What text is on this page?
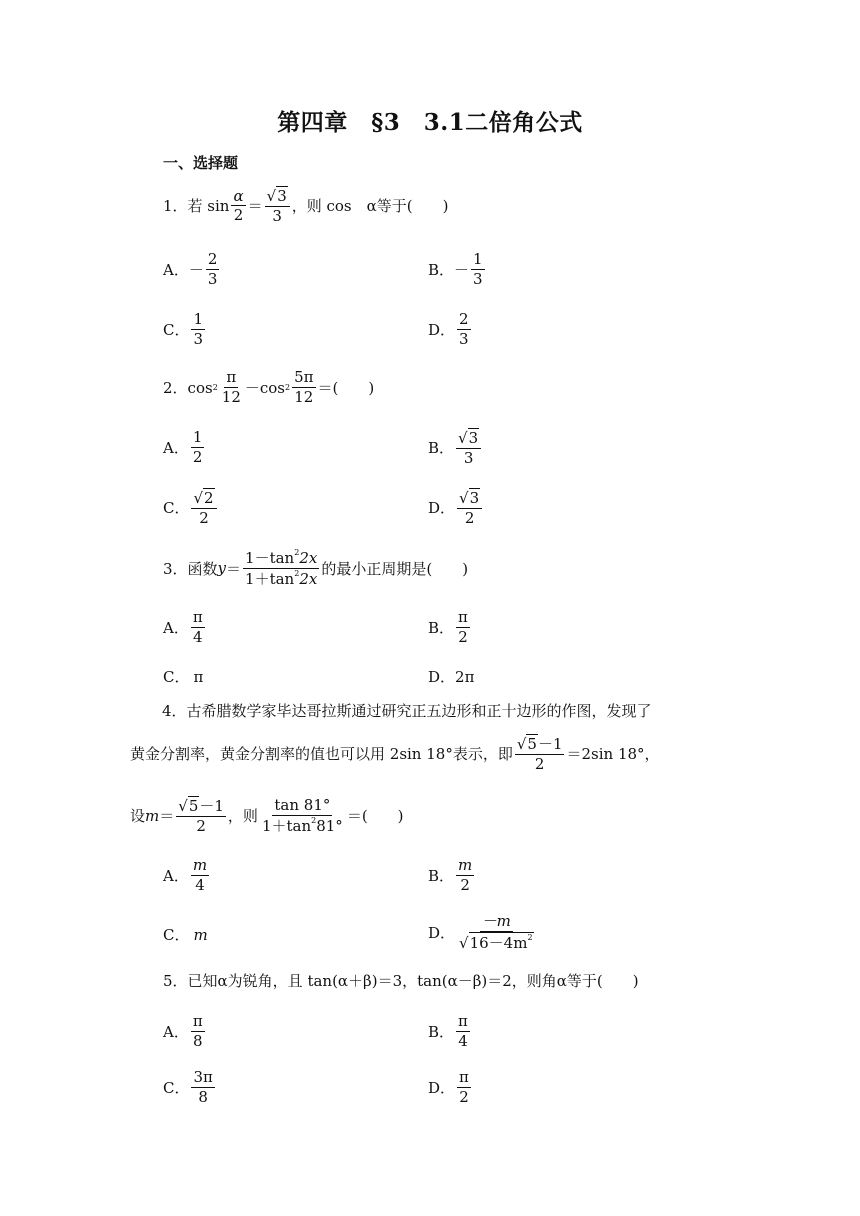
第四章　§3　3.1二倍角公式
一、选择题
1．若 $\sin \frac{\alpha}{2} = \frac{√ 3}{3}$ ，则 cos　α等于(　　)
A． － $\frac{2}{3}$	B． － $\frac{1}{3}$
C． $\frac{1}{3}$	D． $\frac{2}{3}$
2．$\cos 2 \frac{\pi}{12} -\cos$ $2 \frac{5\pi}{12}$ ＝(　　)
A． $\frac{1}{2}$	B． $\frac{√ 3}{3}$
C． $\frac{√ 2}{2}$	D． $\frac{√ 3}{2}$
3．函数 $y = \frac{1-\tan^22x}{1+\tan^22x}$ 的最小正周期是(　　)
A． $\frac{\pi}{4}$	B． $\frac{\pi}{2}$
C． π	D． 2π
4．古希腊数学家毕达哥拉斯通过研究正五边形和正十边形的作图，发现了
黄金分割率，黄金分割率的值也可以用 2sin 18°表示，即 $\frac{√ 5 -1}{2} =2\sin$ 18°，
设 $m = \frac{√ 5 -1}{2}$ ，则 $\frac{\tan 81^\circ}{1+\tan^281^\circ}$ ＝(　　)
A． $\frac{m}{4}$	B． $\frac{m}{2}$
C． m	D． $\frac{-m}{√ 16-4m^2}$
5．已知α为锐角，且 tan(α＋β)＝3，tan(α－β)＝2，则角α等于(　　)
A． $\frac{\pi}{8}$	B． $\frac{\pi}{4}$
C． $\frac{3\pi}{8}$	D． $\frac{\pi}{2}$
